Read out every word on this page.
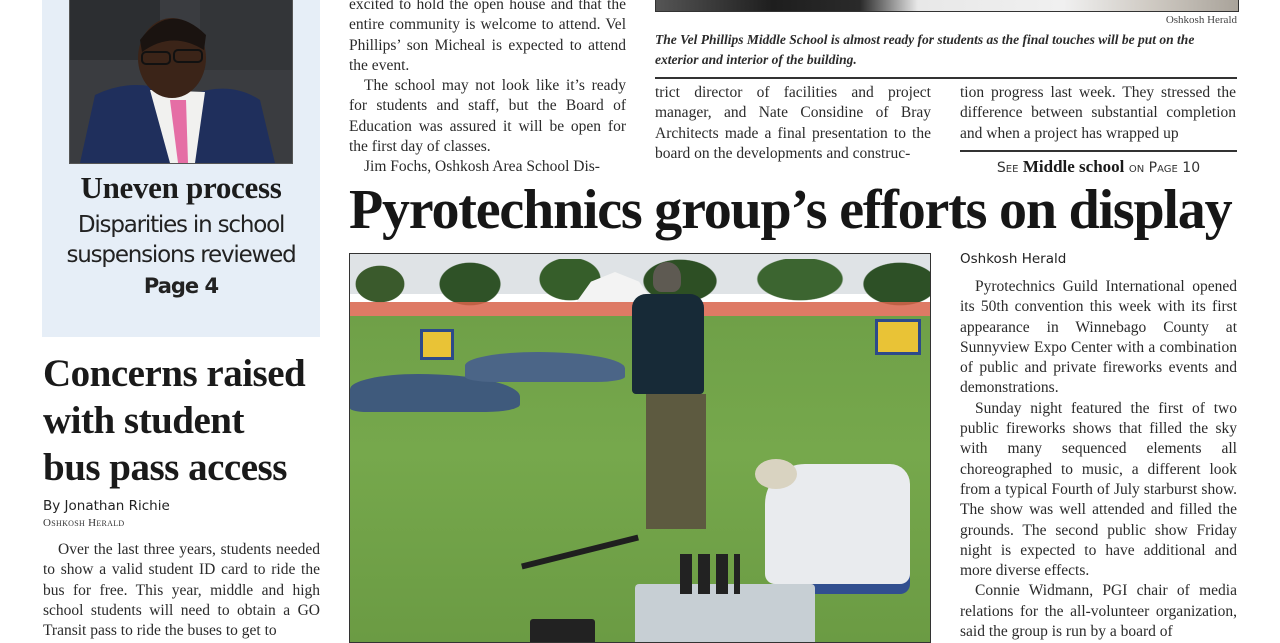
Uneven process
Disparities in school
suspensions reviewed
Page 4
Concerns raised
with student
bus pass access
By Jonathan Richie
Oshkosh Herald

Over the last three years, students needed to show a valid student ID card to ride the bus for free. This year, middle and high school students will need to obtain a GO Transit pass to ride the buses to get to

excited to hold the open house and that the entire community is welcome to attend. Vel Phillips’ son Micheal is expected to attend the event.

The school may not look like it’s ready for students and staff, but the Board of Education was assured it will be open for the first day of classes.

Jim Fochs, Oshkosh Area School Dis-

Oshkosh Herald
The Vel Phillips Middle School is almost ready for students as the final touches will be put on the exterior and interior of the building.

trict director of facilities and project manager, and Nate Considine of Bray Architects made a final presentation to the board on the developments and construc-

tion progress last week. They stressed the difference between substantial completion and when a project has wrapped up

See Middle school on Page 10
Pyrotechnics group’s efforts on display
Oshkosh Herald

Pyrotechnics Guild International opened its 50th convention this week with its first appearance in Winnebago County at Sunnyview Expo Center with a combination of public and private fireworks events and demonstrations.

Sunday night featured the first of two public fireworks shows that filled the sky with many sequenced elements all choreographed to music, a different look from a typical Fourth of July starburst show. The show was well attended and filled the grounds. The second public show Friday night is expected to have additional and more diverse effects.

Connie Widmann, PGI chair of media relations for the all-volunteer organization, said the group is run by a board of
